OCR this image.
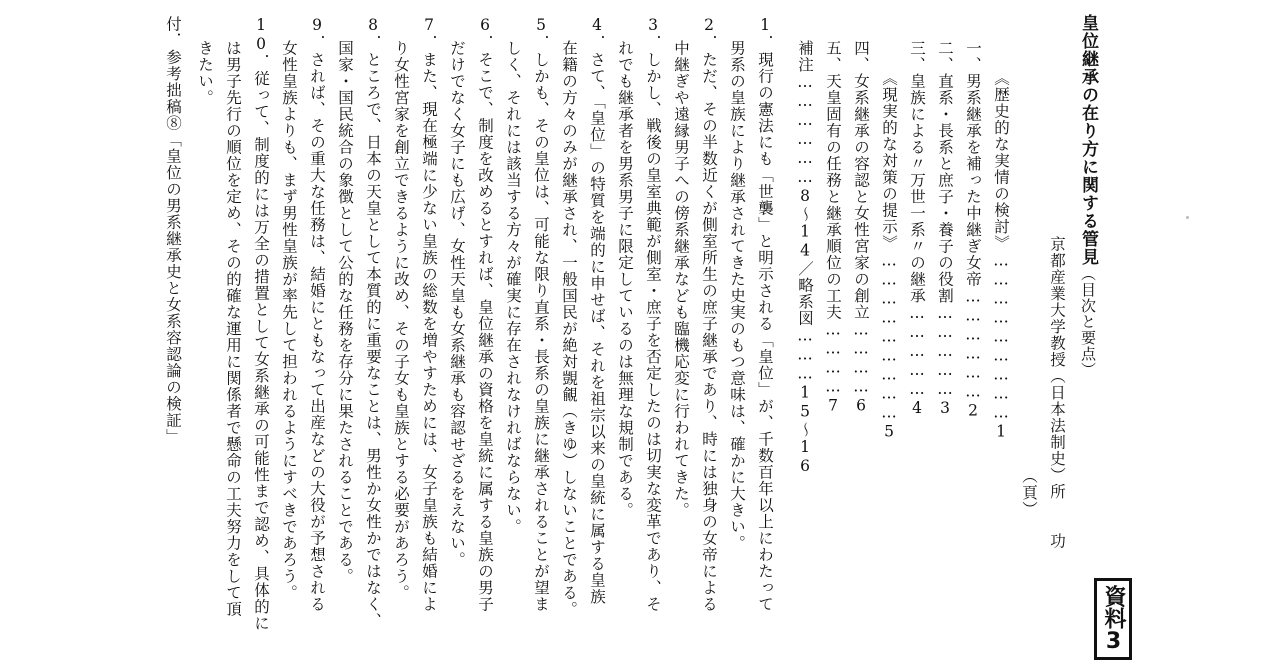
皇位継承の在り方に関する管見（目次と要点）
京都産業大学教授（日本法制史）所　　功
（頁）
《歴史的な実情の検討》………………………1
一、男系継承を補った中継ぎ女帝………………2
二、直系・長系と庶子・養子の役割……………3
三、皇族による〃万世一系〃の継承……………4
《現実的な対策の提示》………………………5
四、女系継承の容認と女性宮家の創立…………6
五、天皇固有の任務と継承順位の工夫…………7
補注………………8～14／略系図………15～16
1．現行の憲法にも「世襲」と明示される「皇位」が、千数百年以上にわたって
男系の皇族により継承されてきた史実のもつ意味は、確かに大きい。
2．ただ、その半数近くが側室所生の庶子継承であり、時には独身の女帝による
中継ぎや遠縁男子への傍系継承なども臨機応変に行われてきた。
3．しかし、戦後の皇室典範が側室・庶子を否定したのは切実な変革であり、そ
れでも継承者を男系男子に限定しているのは無理な規制である。
4．さて、「皇位」の特質を端的に申せば、それを祖宗以来の皇統に属する皇族
在籍の方々のみが継承され、一般国民が絶対覬覦（きゆ）しないことである。
5．しかも、その皇位は、可能な限り直系・長系の皇族に継承されることが望ま
しく、それには該当する方々が確実に存在されなければならない。
6．そこで、制度を改めるとすれば、皇位継承の資格を皇統に属する皇族の男子
だけでなく女子にも広げ、女性天皇も女系継承も容認せざるをえない。
7．また、現在極端に少ない皇族の総数を増やすためには、女子皇族も結婚によ
り女性宮家を創立できるように改め、その子女も皇族とする必要があろう。
8．ところで、日本の天皇として本質的に重要なことは、男性か女性かではなく、
国家・国民統合の象徴として公的な任務を存分に果たされることである。
9．されば、その重大な任務は、結婚にともなって出産などの大役が予想される
女性皇族よりも、まず男性皇族が率先して担われるようにすべきであろう。
10．従って、制度的には万全の措置として女系継承の可能性まで認め、具体的に
は男子先行の順位を定め、その的確な運用に関係者で懸命の工夫努力をして頂
きたい。
付．参考拙稿⑧「皇位の男系継承史と女系容認論の検証」
資料3
